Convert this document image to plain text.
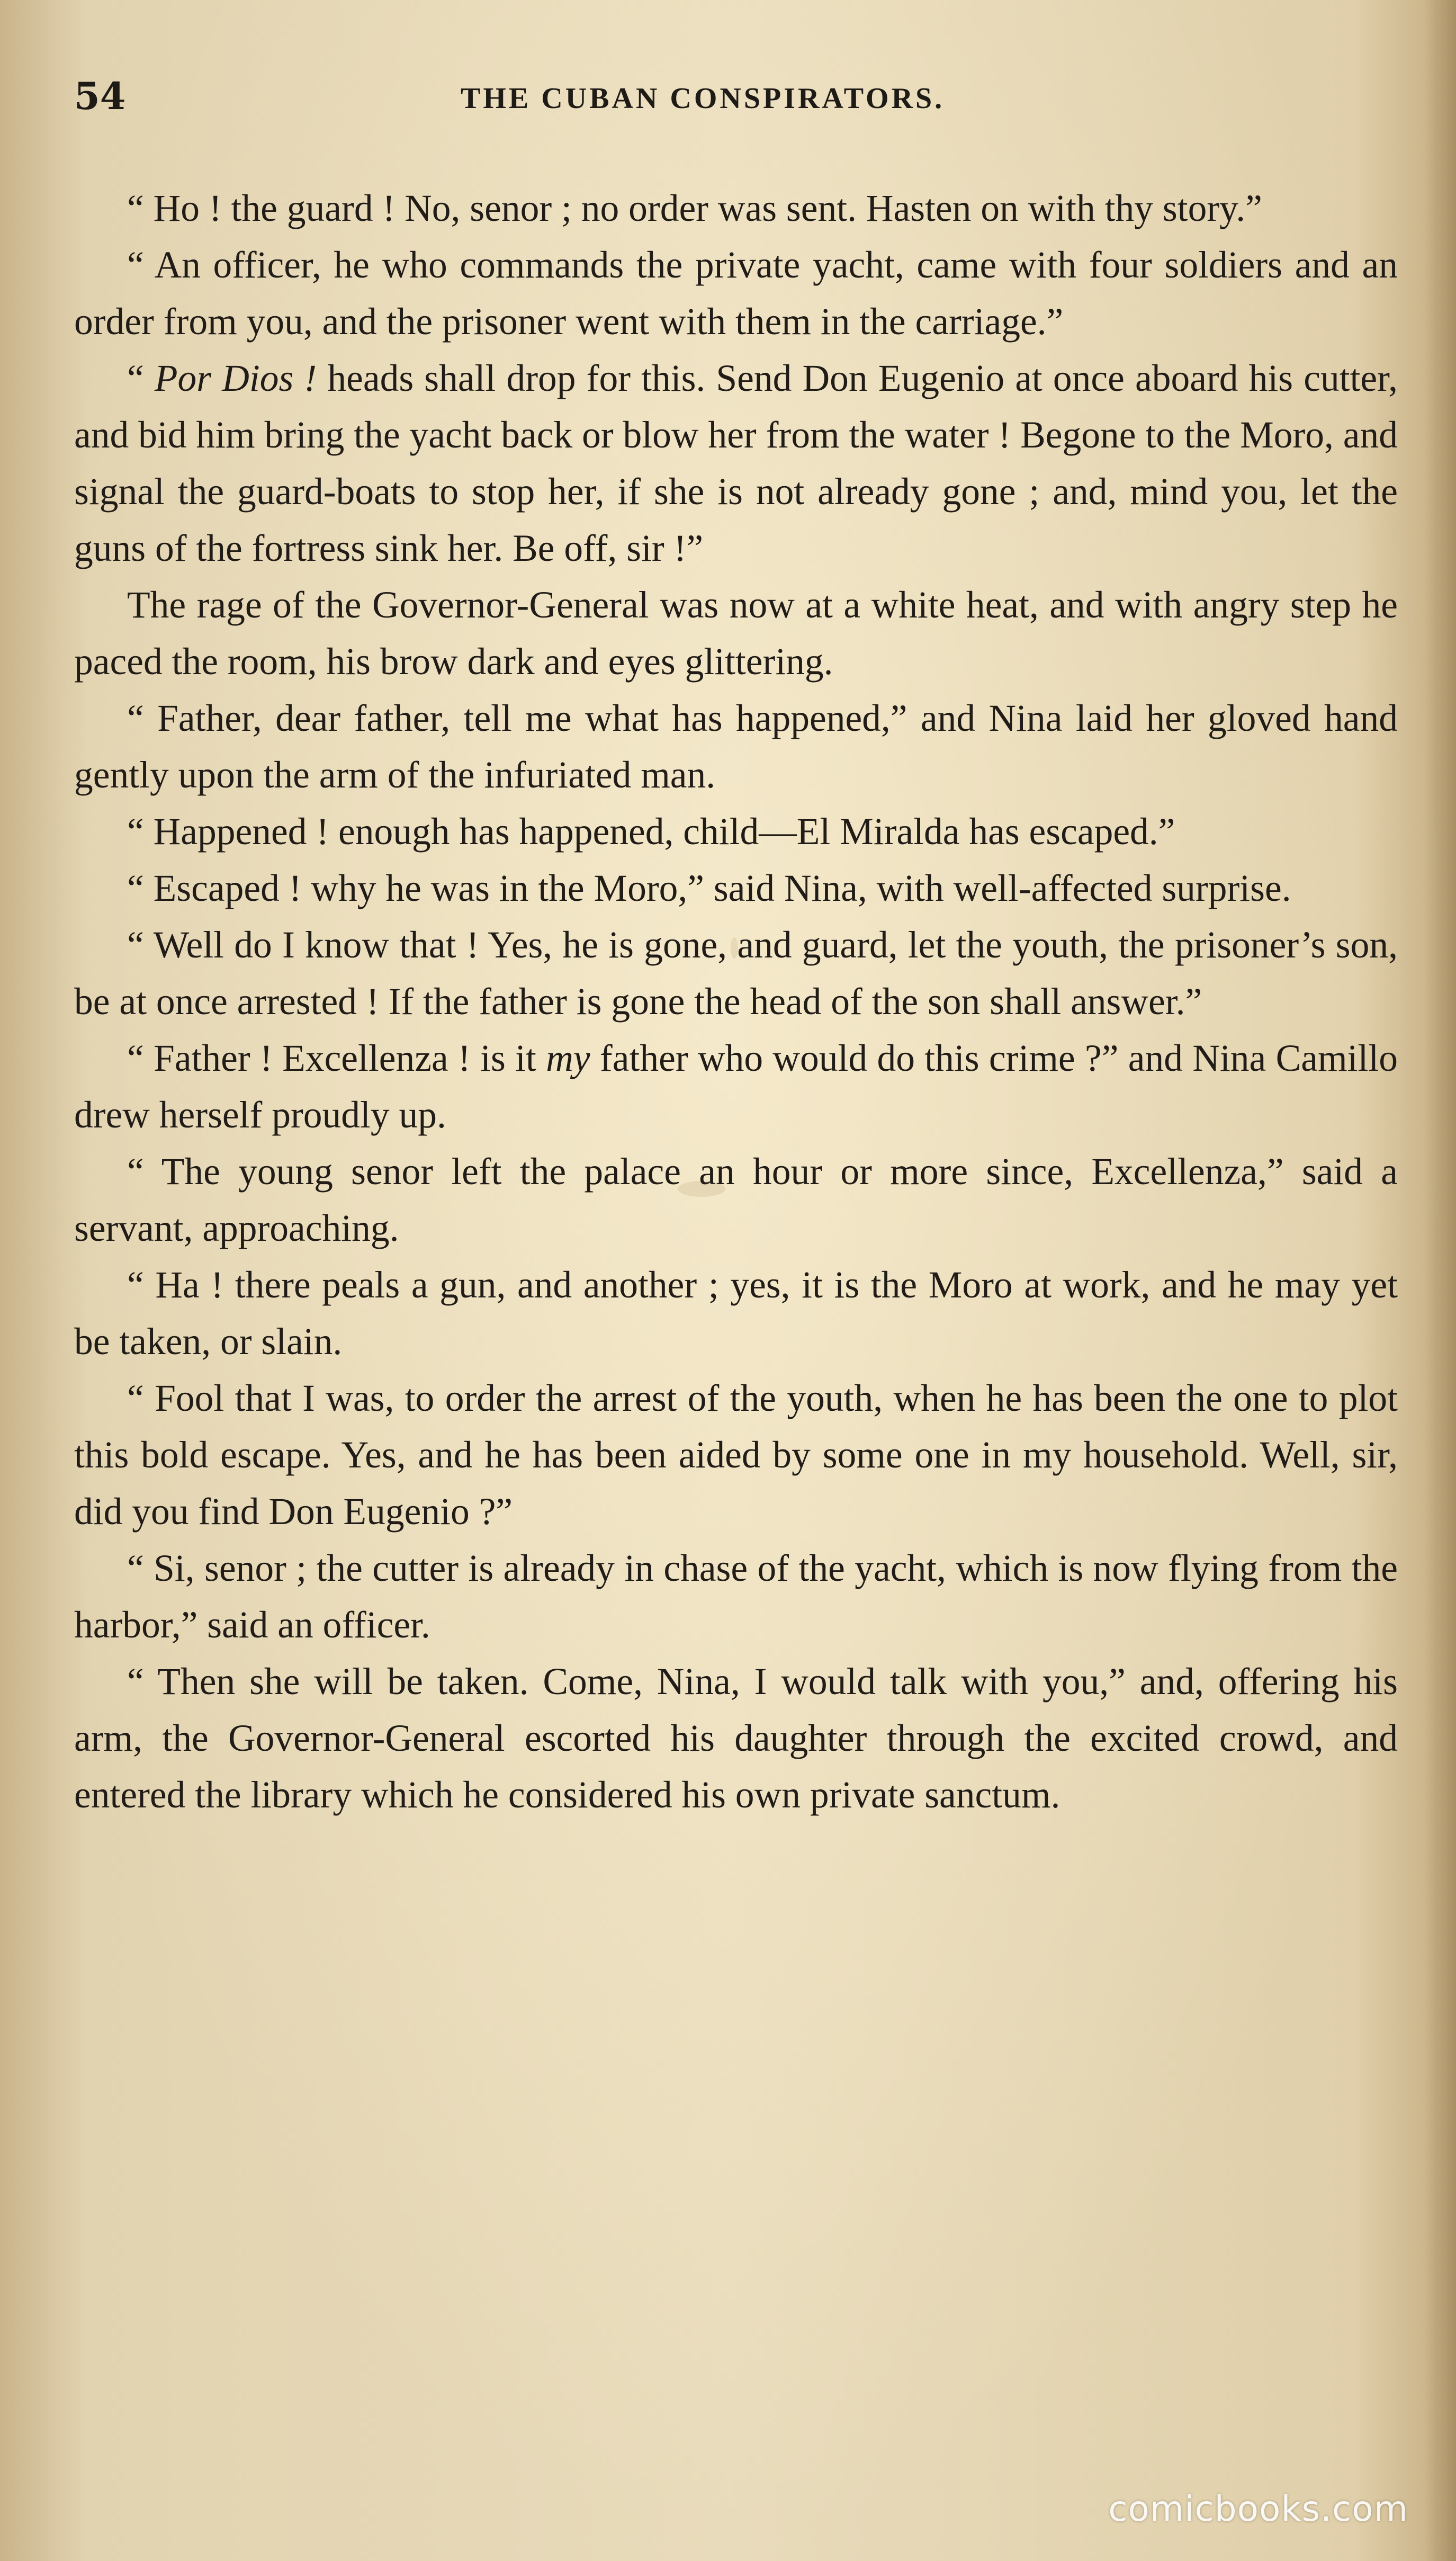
54	THE CUBAN CONSPIRATORS.

“ Ho ! the guard ! No, senor ; no order was sent. Hasten on with thy story.”

“ An officer, he who commands the private yacht, came with four soldiers and an order from you, and the prisoner went with them in the carriage.”

“ Por Dios ! heads shall drop for this. Send Don Eugenio at once aboard his cutter, and bid him bring the yacht back or blow her from the water ! Begone to the Moro, and signal the guard-boats to stop her, if she is not already gone ; and, mind you, let the guns of the fortress sink her. Be off, sir !”

The rage of the Governor-General was now at a white heat, and with angry step he paced the room, his brow dark and eyes glittering.

“ Father, dear father, tell me what has happened,” and Nina laid her gloved hand gently upon the arm of the infuriated man.

“ Happened ! enough has happened, child—El Miralda has escaped.”

“ Escaped ! why he was in the Moro,” said Nina, with well-affected surprise.

“ Well do I know that ! Yes, he is gone, and guard, let the youth, the prisoner’s son, be at once arrested ! If the father is gone the head of the son shall answer.”

“ Father ! Excellenza ! is it my father who would do this crime ?” and Nina Camillo drew herself proudly up.

“ The young senor left the palace an hour or more since, Excellenza,” said a servant, approaching.

“ Ha ! there peals a gun, and another ; yes, it is the Moro at work, and he may yet be taken, or slain.

“ Fool that I was, to order the arrest of the youth, when he has been the one to plot this bold escape. Yes, and he has been aided by some one in my household. Well, sir, did you find Don Eugenio ?”

“ Si, senor ; the cutter is already in chase of the yacht, which is now flying from the harbor,” said an officer.

“ Then she will be taken. Come, Nina, I would talk with you,” and, offering his arm, the Governor-General escorted his daughter through the excited crowd, and entered the library which he considered his own private sanctum.

comicbooks.com
